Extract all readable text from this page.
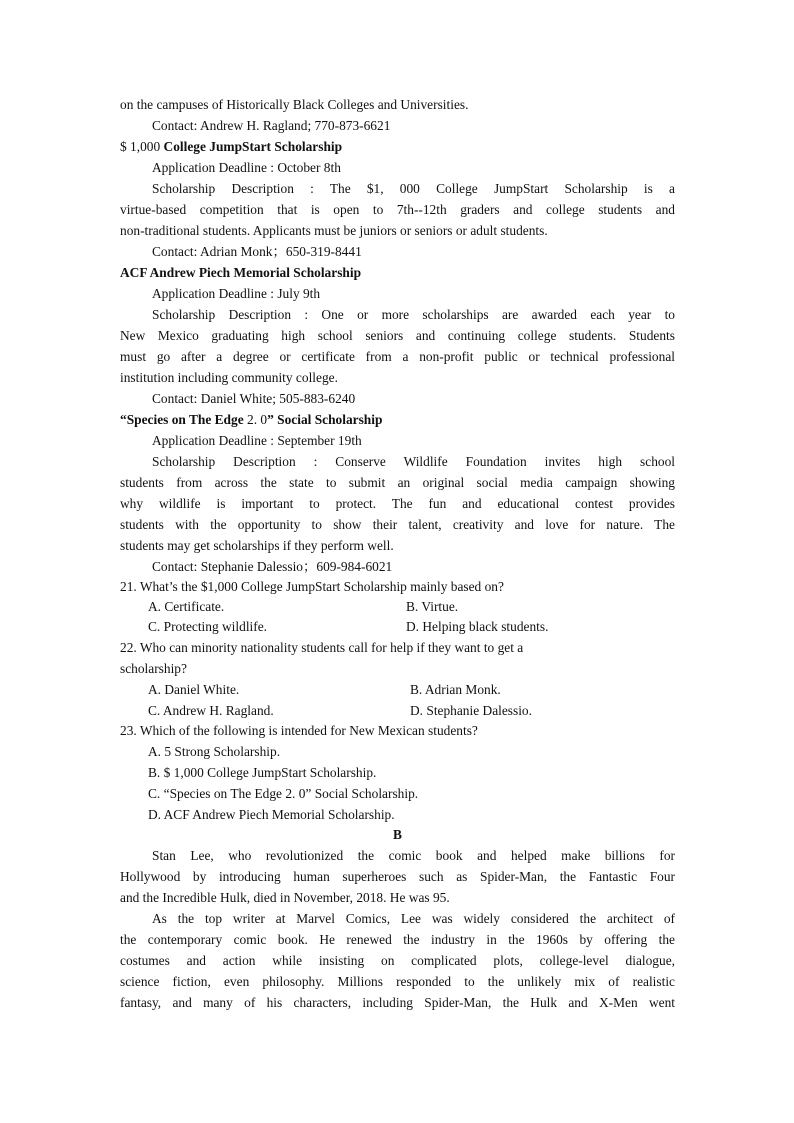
on the campuses of Historically Black Colleges and Universities.
Contact: Andrew H. Ragland; 770-873-6621
$ 1,000 College JumpStart Scholarship
Application Deadline : October 8th
Scholarship Description : The $1, 000 College JumpStart Scholarship is a
virtue-based competition that is open to 7th--12th graders and college students and
non-traditional students. Applicants must be juniors or seniors or adult students.
Contact: Adrian Monk；650-319-8441
ACF Andrew Piech Memorial Scholarship
Application Deadline : July 9th
Scholarship Description : One or more scholarships are awarded each year to
New Mexico graduating high school seniors and continuing college students. Students
must go after a degree or certificate from a non-profit public or technical professional
institution including community college.
Contact: Daniel White; 505-883-6240
“Species on The Edge 2. 0” Social Scholarship
Application Deadline : September 19th
Scholarship Description : Conserve Wildlife Foundation invites high school
students from across the state to submit an original social media campaign showing
why wildlife is important to protect. The fun and educational contest provides
students with the opportunity to show their talent, creativity and love for nature. The
students may get scholarships if they perform well.
Contact: Stephanie Dalessio；609-984-6021
21. What’s the $1,000 College JumpStart Scholarship mainly based on?
A. Certificate.	B. Virtue.
C. Protecting wildlife.	D. Helping black students.
22. Who can minority nationality students call for help if they want to get a
scholarship?
A. Daniel White.	B. Adrian Monk.
C. Andrew H. Ragland.	D. Stephanie Dalessio.
23. Which of the following is intended for New Mexican students?
A. 5 Strong Scholarship.
B. $ 1,000 College JumpStart Scholarship.
C. “Species on The Edge 2. 0” Social Scholarship.
D. ACF Andrew Piech Memorial Scholarship.
B
Stan Lee, who revolutionized the comic book and helped make billions for
Hollywood by introducing human superheroes such as Spider-Man, the Fantastic Four
and the Incredible Hulk, died in November, 2018. He was 95.
As the top writer at Marvel Comics, Lee was widely considered the architect of
the contemporary comic book. He renewed the industry in the 1960s by offering the
costumes and action while insisting on complicated plots, college-level dialogue,
science fiction, even philosophy. Millions responded to the unlikely mix of realistic
fantasy, and many of his characters, including Spider-Man, the Hulk and X-Men went
